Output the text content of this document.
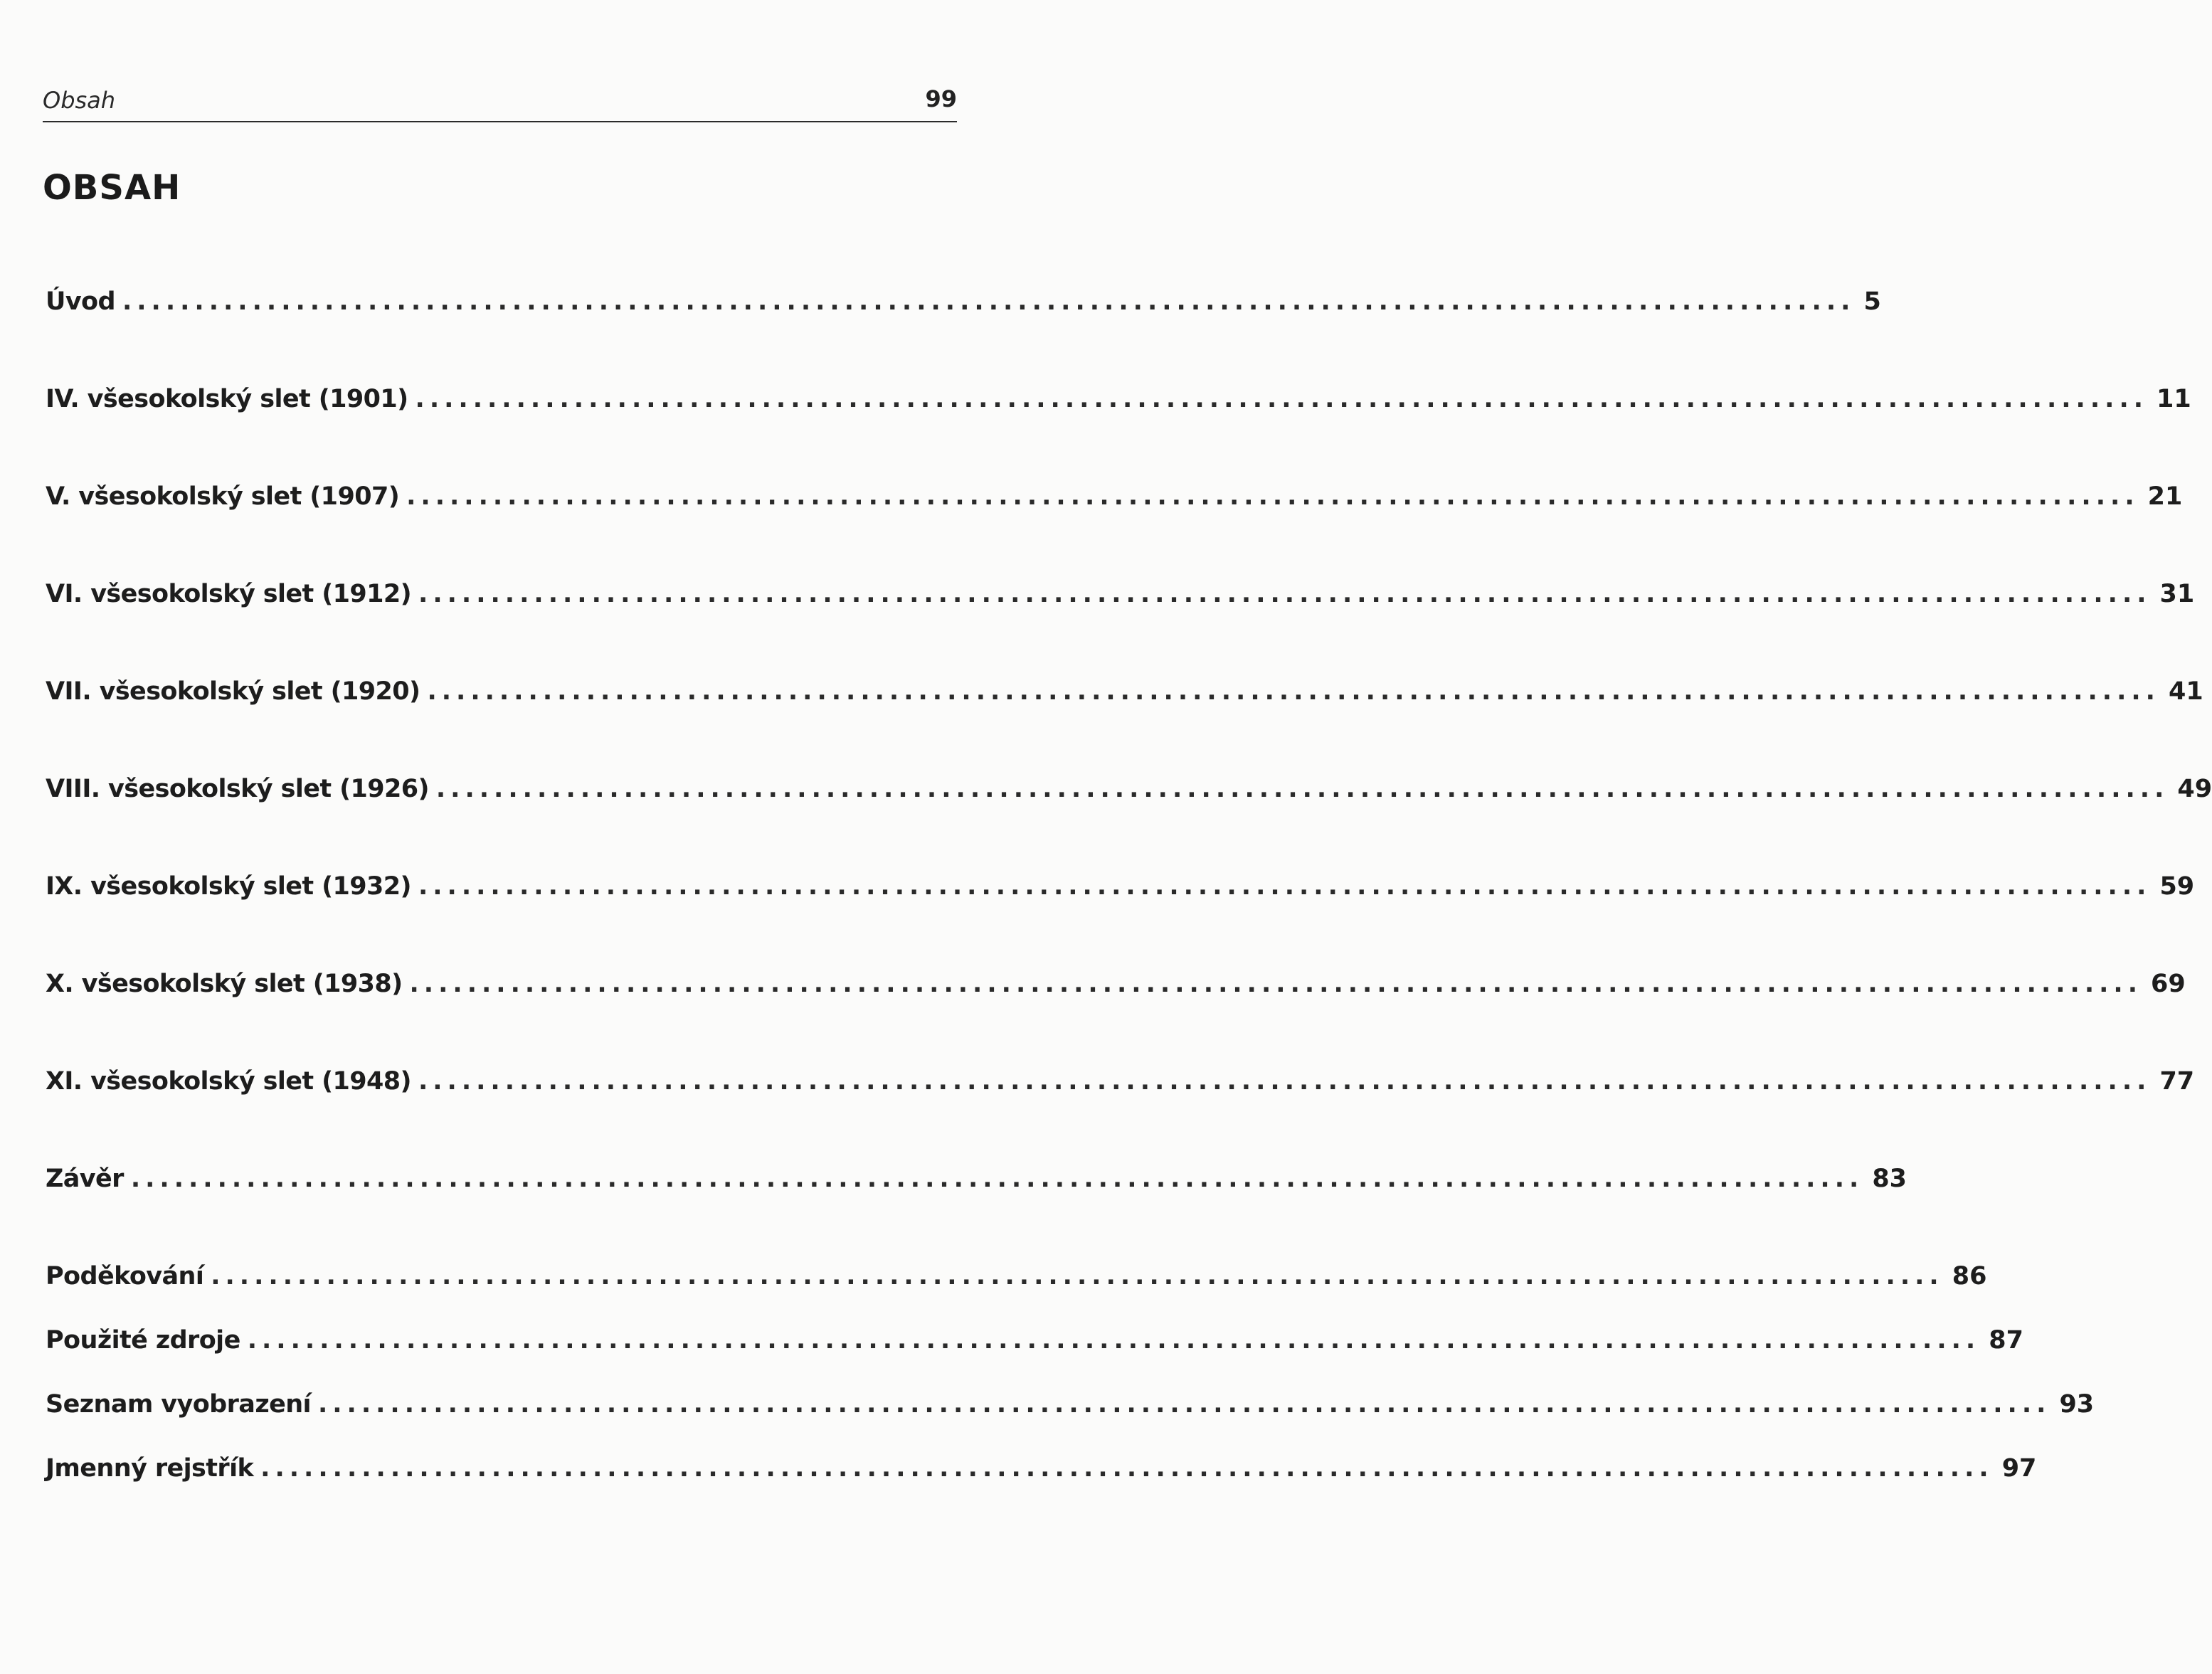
Obsah	99
OBSAH
Úvod ........................................................................................................................ 5
IV. všesokolský slet (1901) ........................................................................................................................ 11
V. všesokolský slet (1907) ........................................................................................................................ 21
VI. všesokolský slet (1912) ........................................................................................................................ 31
VII. všesokolský slet (1920) ........................................................................................................................ 41
VIII. všesokolský slet (1926) ........................................................................................................................ 49
IX. všesokolský slet (1932) ........................................................................................................................ 59
X. všesokolský slet (1938) ........................................................................................................................ 69
XI. všesokolský slet (1948) ........................................................................................................................ 77
Závěr ........................................................................................................................ 83
Poděkování ........................................................................................................................ 86
Použité zdroje ........................................................................................................................ 87
Seznam vyobrazení ........................................................................................................................ 93
Jmenný rejstřík ........................................................................................................................ 97
